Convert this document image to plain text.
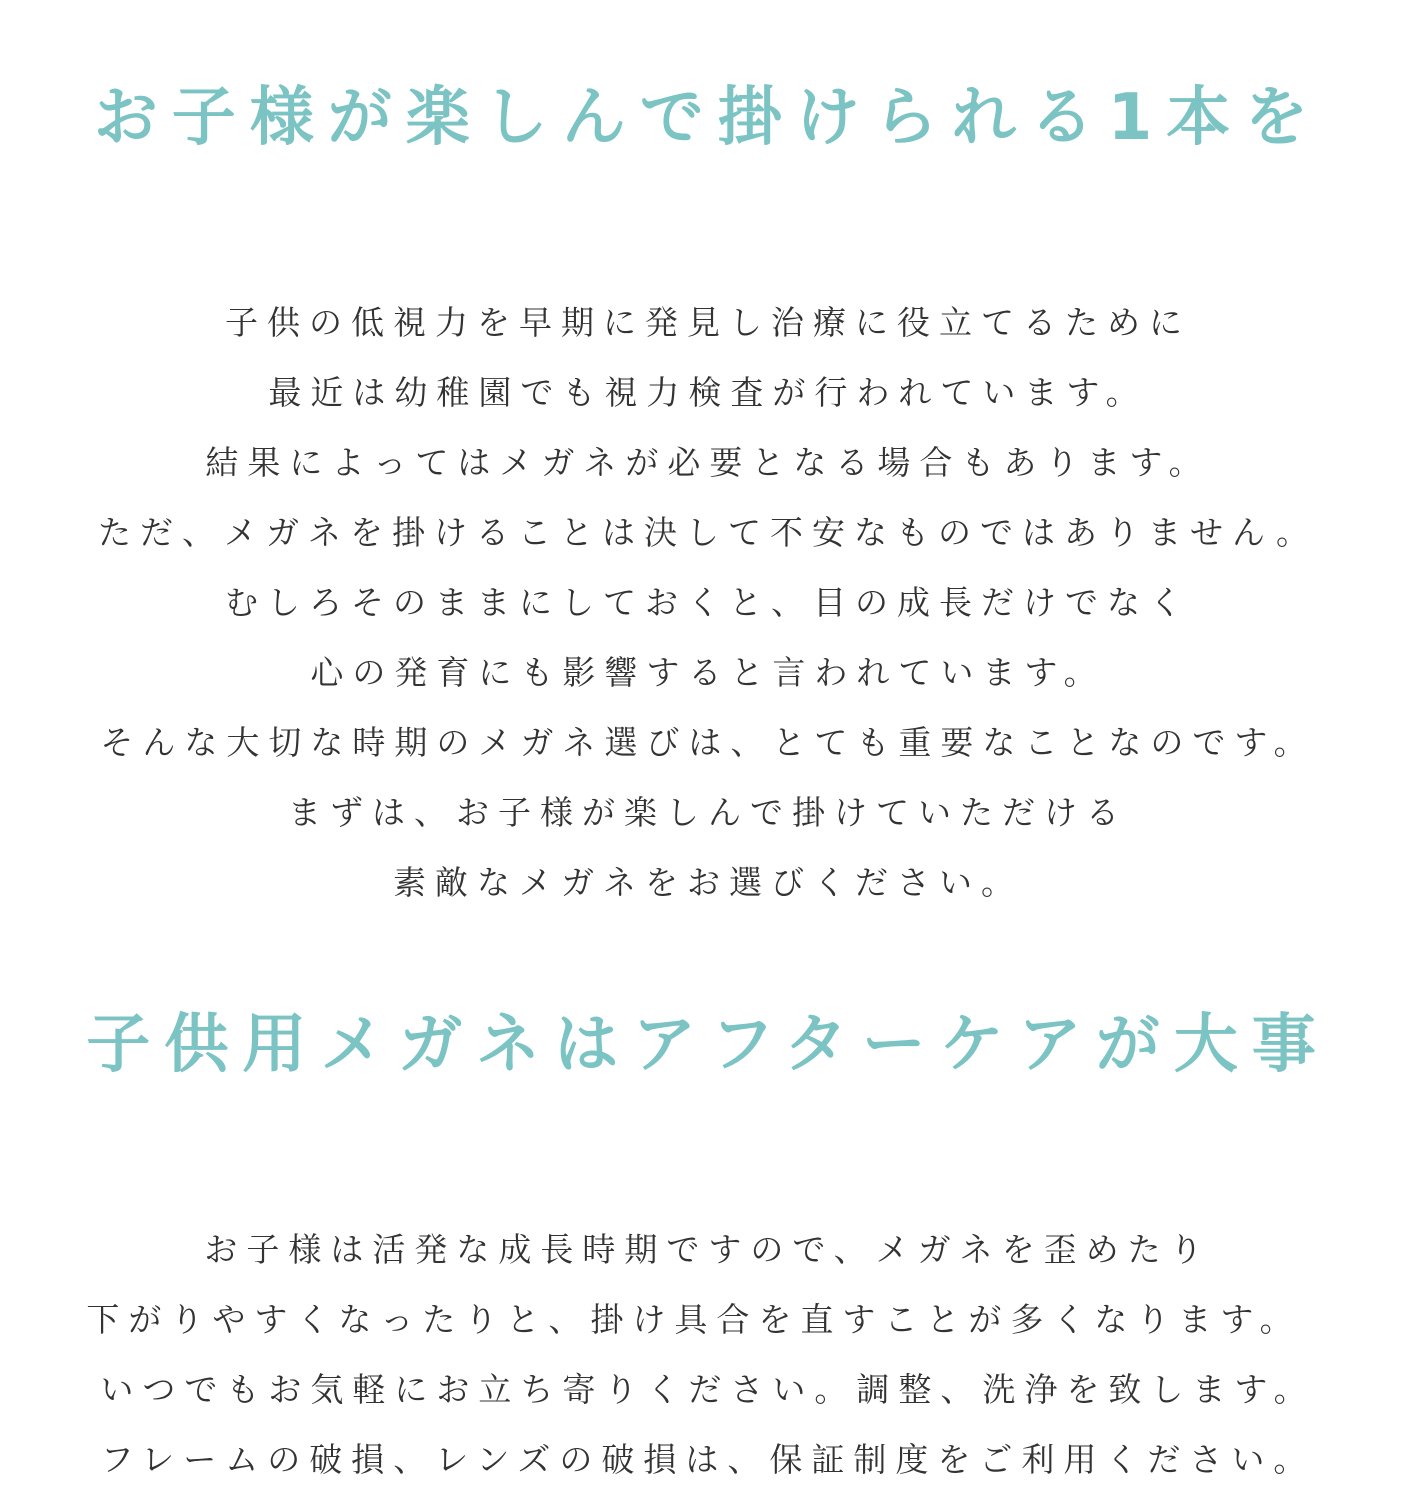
お子様が楽しんで掛けられる1本を

子供の低視力を早期に発見し治療に役立てるために
最近は幼稚園でも視力検査が行われています。
結果によってはメガネが必要となる場合もあります。
ただ、メガネを掛けることは決して不安なものではありません。
むしろそのままにしておくと、目の成長だけでなく
心の発育にも影響すると言われています。
そんな大切な時期のメガネ選びは、とても重要なことなのです。
まずは、お子様が楽しんで掛けていただける
素敵なメガネをお選びください。

子供用メガネはアフターケアが大事

お子様は活発な成長時期ですので、メガネを歪めたり
下がりやすくなったりと、掛け具合を直すことが多くなります。
いつでもお気軽にお立ち寄りください。調整、洗浄を致します。
フレームの破損、レンズの破損は、保証制度をご利用ください。
